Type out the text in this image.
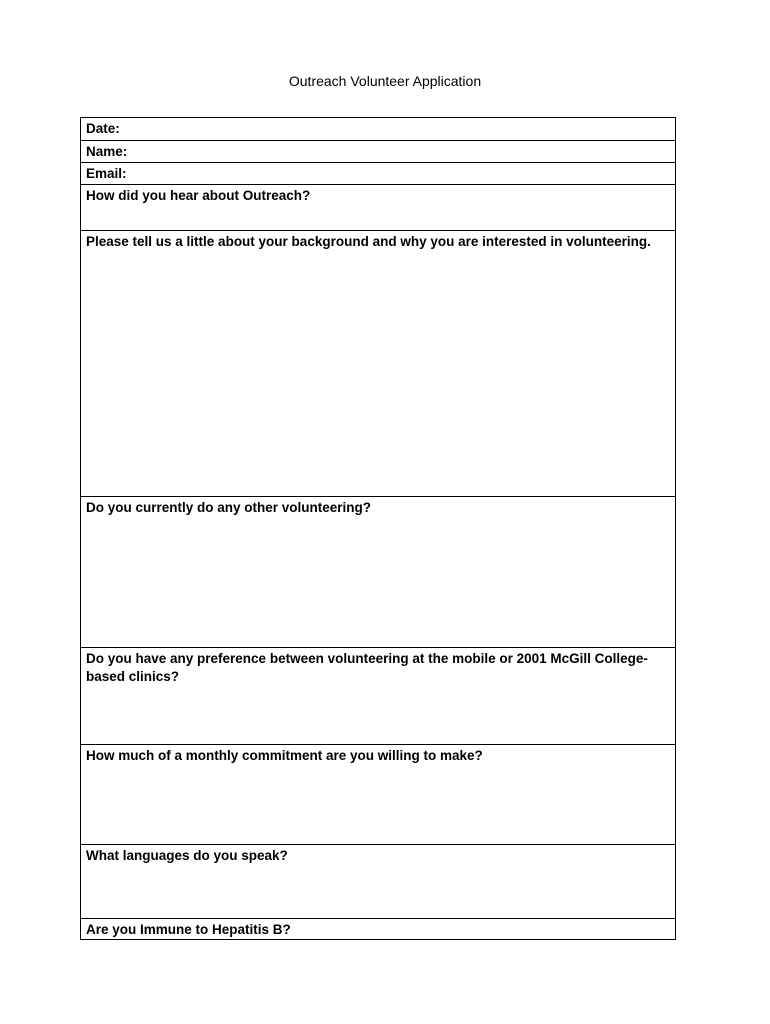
Outreach Volunteer Application
Date:
Name:
Email:
How did you hear about Outreach?
Please tell us a little about your background and why you are interested in volunteering.
Do you currently do any other volunteering?
Do you have any preference between volunteering at the mobile or 2001 McGill College-based clinics?
How much of a monthly commitment are you willing to make?
What languages do you speak?
Are you Immune to Hepatitis B?
